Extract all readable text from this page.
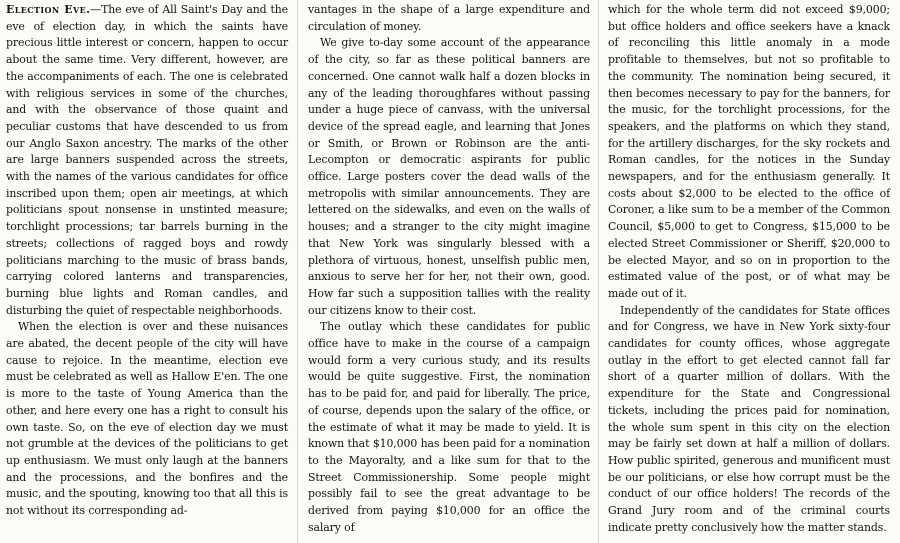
Election Eve.—The eve of All Saint's Day and the eve of election day, in which the saints have precious little interest or concern, happen to occur about the same time. Very different, however, are the accompaniments of each. The one is celebrated with religious services in some of the churches, and with the observance of those quaint and peculiar customs that have descended to us from our Anglo Saxon ancestry. The marks of the other are large banners suspended across the streets, with the names of the various candidates for office inscribed upon them; open air meetings, at which politicians spout nonsense in unstinted measure; torchlight processions; tar barrels burning in the streets; collections of ragged boys and rowdy politicians marching to the music of brass bands, carrying colored lanterns and transparencies, burning blue lights and Roman candles, and disturbing the quiet of respectable neighborhoods.

When the election is over and these nuisances are abated, the decent people of the city will have cause to rejoice. In the meantime, election eve must be celebrated as well as Hallow E'en. The one is more to the taste of Young America than the other, and here every one has a right to consult his own taste. So, on the eve of election day we must not grumble at the devices of the politicians to get up enthusiasm. We must only laugh at the banners and the processions, and the bonfires and the music, and the spouting, knowing too that all this is not without its corresponding ad-

vantages in the shape of a large expenditure and circulation of money.

We give to-day some account of the appearance of the city, so far as these political banners are concerned. One cannot walk half a dozen blocks in any of the leading thoroughfares without passing under a huge piece of canvass, with the universal device of the spread eagle, and learning that Jones or Smith, or Brown or Robinson are the anti-Lecompton or democratic aspirants for public office. Large posters cover the dead walls of the metropolis with similar announcements. They are lettered on the sidewalks, and even on the walls of houses; and a stranger to the city might imagine that New York was singularly blessed with a plethora of virtuous, honest, unselfish public men, anxious to serve her for her, not their own, good. How far such a supposition tallies with the reality our citizens know to their cost.

The outlay which these candidates for public office have to make in the course of a campaign would form a very curious study, and its results would be quite suggestive. First, the nomination has to be paid for, and paid for liberally. The price, of course, depends upon the salary of the office, or the estimate of what it may be made to yield. It is known that $10,000 has been paid for a nomination to the Mayoralty, and a like sum for that to the Street Commissionership. Some people might possibly fail to see the great advantage to be derived from paying $10,000 for an office the salary of

which for the whole term did not exceed $9,000; but office holders and office seekers have a knack of reconciling this little anomaly in a mode profitable to themselves, but not so profitable to the community. The nomination being secured, it then becomes necessary to pay for the banners, for the music, for the torchlight processions, for the speakers, and the platforms on which they stand, for the artillery discharges, for the sky rockets and Roman candles, for the notices in the Sunday newspapers, and for the enthusiasm generally. It costs about $2,000 to be elected to the office of Coroner, a like sum to be a member of the Common Council, $5,000 to get to Congress, $15,000 to be elected Street Commissioner or Sheriff, $20,000 to be elected Mayor, and so on in proportion to the estimated value of the post, or of what may be made out of it.

Independently of the candidates for State offices and for Congress, we have in New York sixty-four candidates for county offices, whose aggregate outlay in the effort to get elected cannot fall far short of a quarter million of dollars. With the expenditure for the State and Congressional tickets, including the prices paid for nomination, the whole sum spent in this city on the election may be fairly set down at half a million of dollars. How public spirited, generous and munificent must be our politicians, or else how corrupt must be the conduct of our office holders! The records of the Grand Jury room and of the criminal courts indicate pretty conclusively how the matter stands.
